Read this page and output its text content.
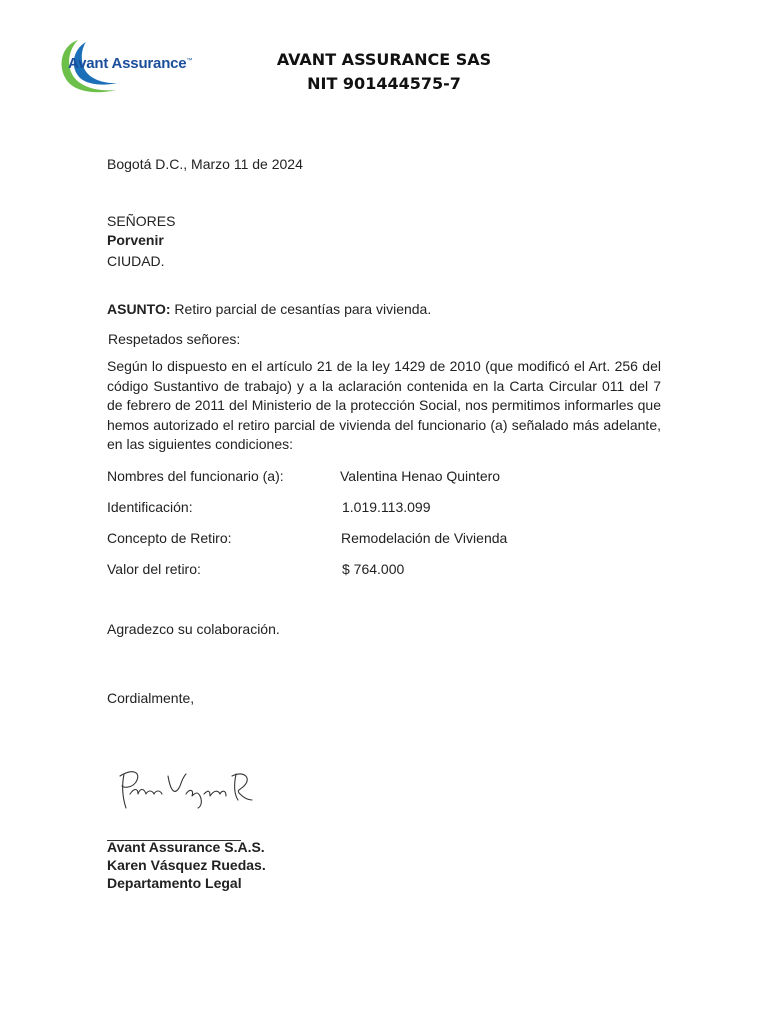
Avant Assurance™	AVANT ASSURANCE SAS
NIT 901444575-7
Bogotá D.C., Marzo 11 de 2024
SEÑORES
Porvenir
CIUDAD.
ASUNTO: Retiro parcial de cesantías para vivienda.
Respetados señores:
Según lo dispuesto en el artículo 21 de la ley 1429 de 2010 (que modificó el Art. 256 del código Sustantivo de trabajo) y a la aclaración contenida en la Carta Circular 011 del 7 de febrero de 2011 del Ministerio de la protección Social, nos permitimos informarles que hemos autorizado el retiro parcial de vivienda del funcionario (a) señalado más adelante, en las siguientes condiciones:
Nombres del funcionario (a):	Valentina Henao Quintero
Identificación:	1.019.113.099
Concepto de Retiro:	Remodelación de Vivienda
Valor del retiro:	$ 764.000
Agradezco su colaboración.
Cordialmente,
Avant Assurance S.A.S.
Karen Vásquez Ruedas.
Departamento Legal
